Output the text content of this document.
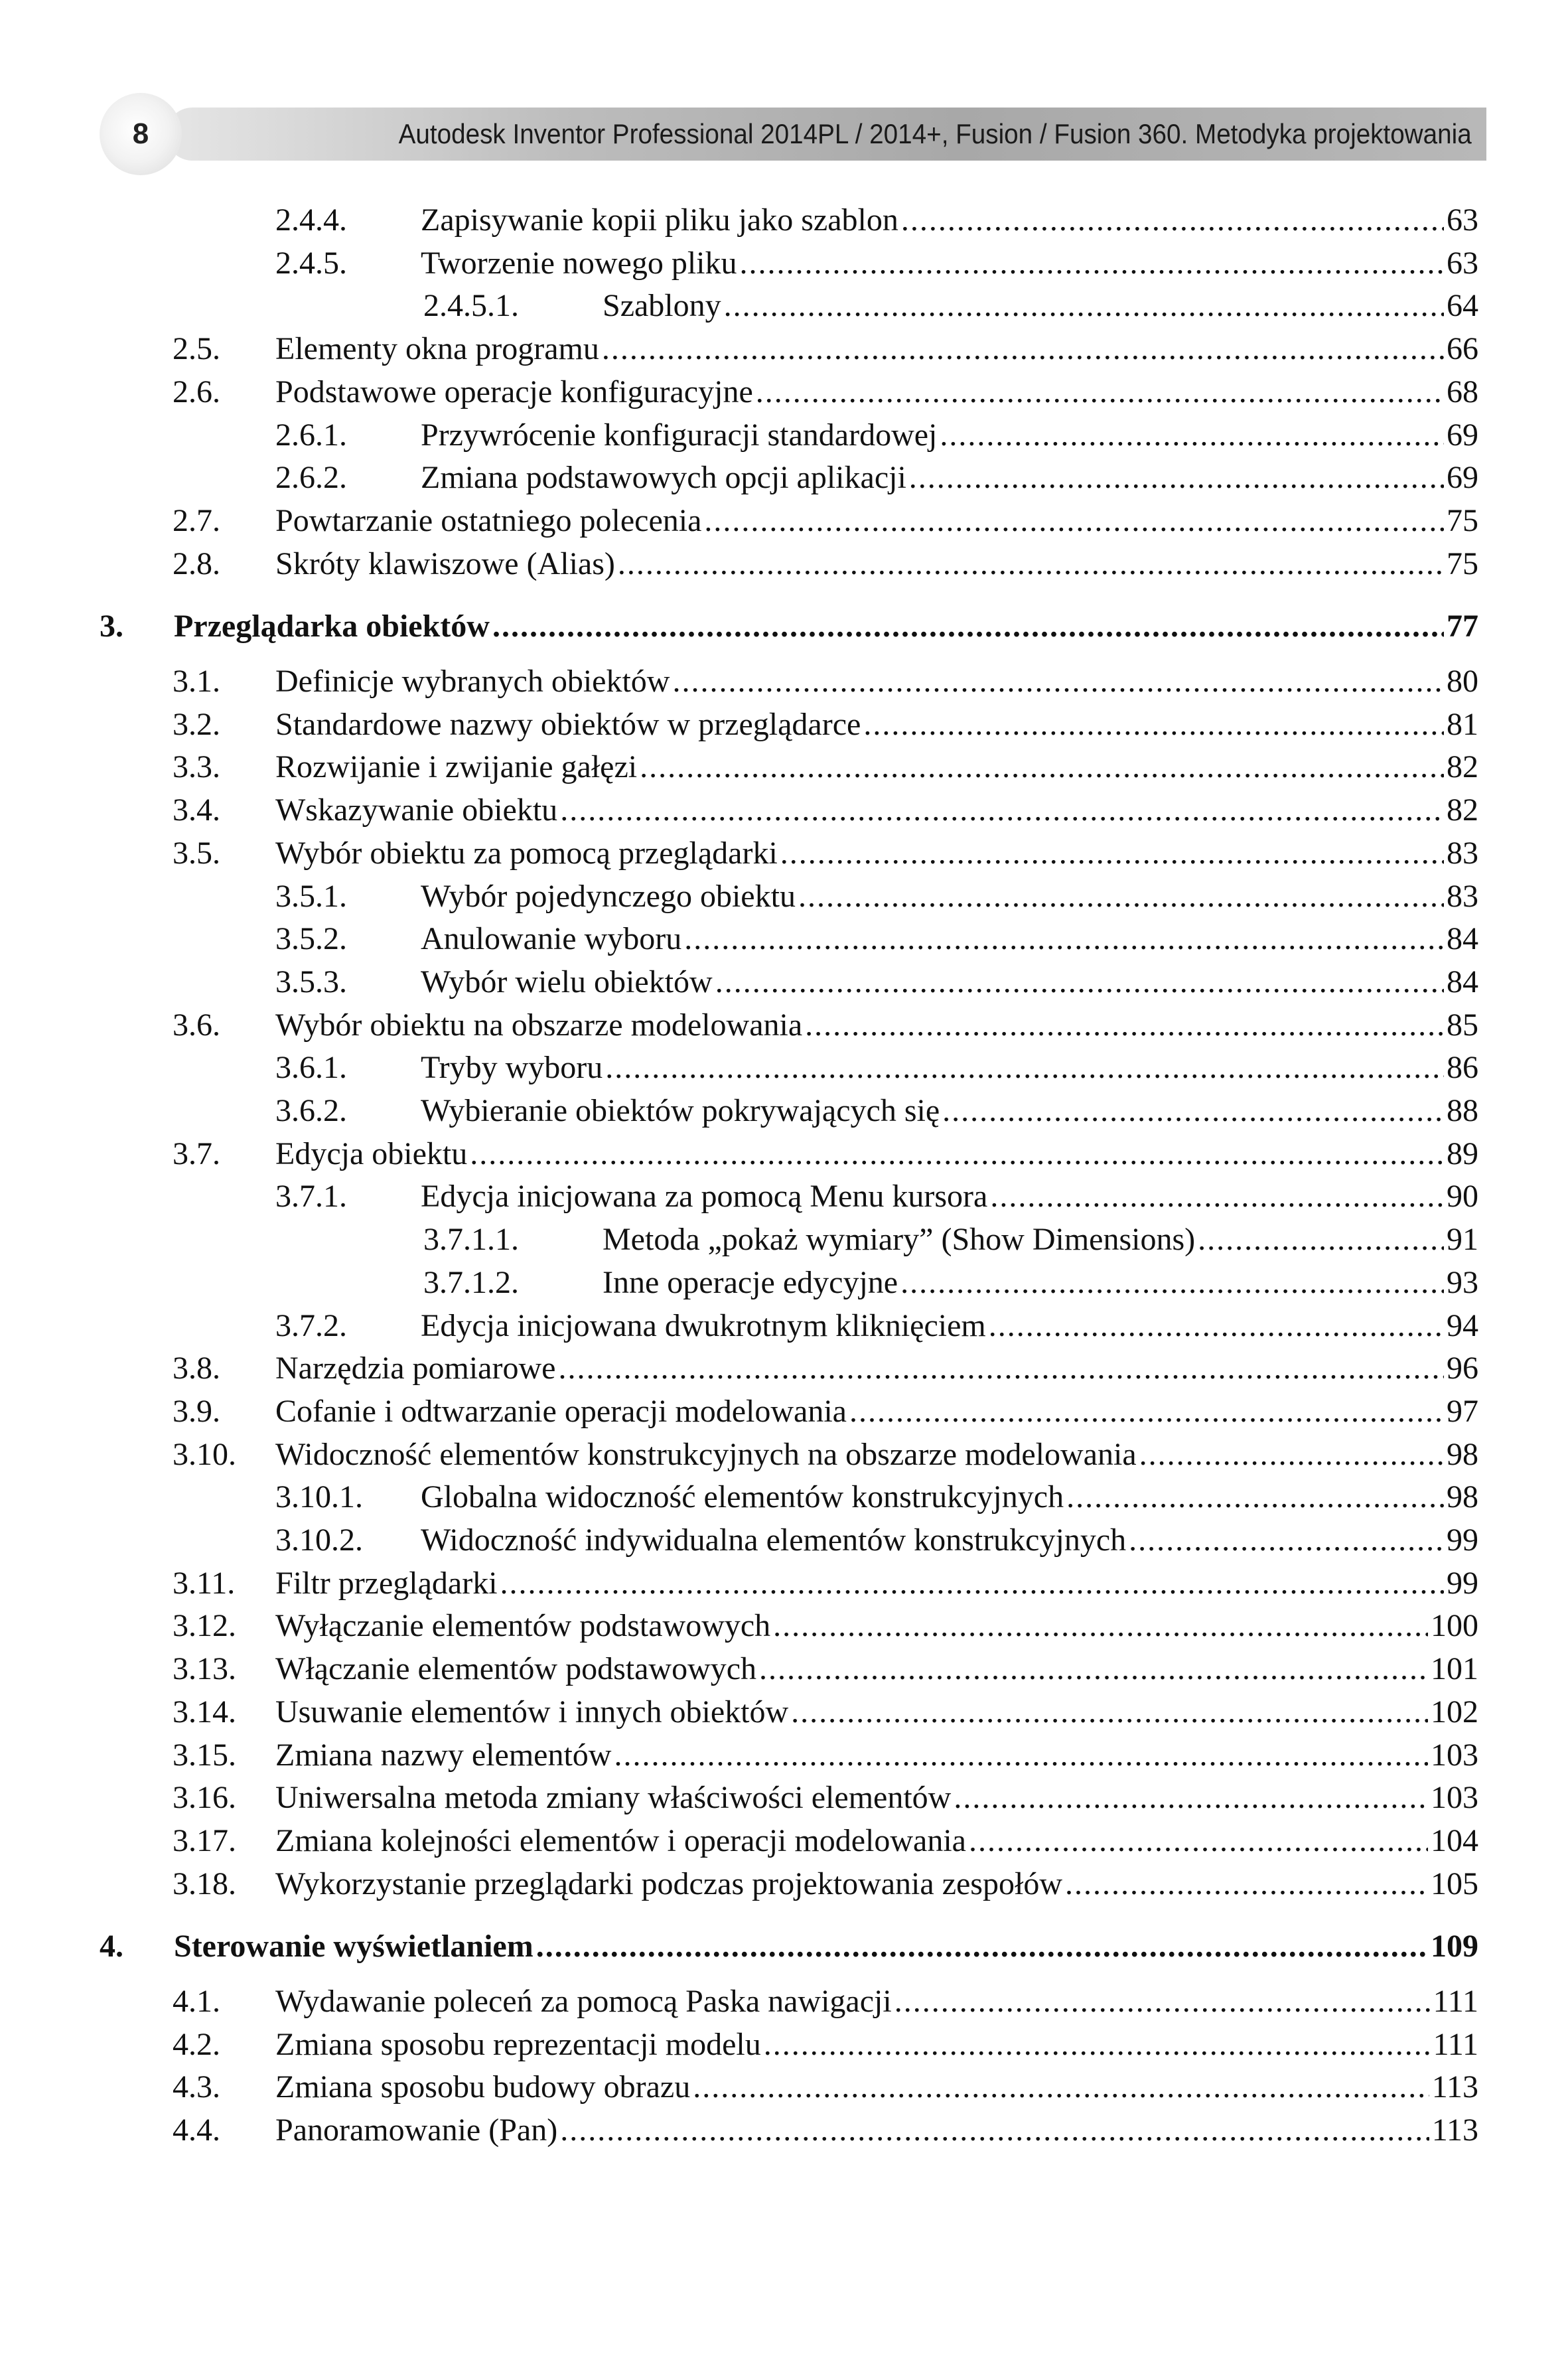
8	Autodesk Inventor Professional 2014PL / 2014+, Fusion / Fusion 360. Metodyka projektowania
2.4.4. Zapisywanie kopii pliku jako szablon .....	63
2.4.5. Tworzenie nowego pliku .....	63
2.4.5.1.	Szablony .....	64
2.5. Elementy okna programu .....	66
2.6. Podstawowe operacje konfiguracyjne .....	68
2.6.1. Przywrócenie konfiguracji standardowej .....	69
2.6.2. Zmiana podstawowych opcji aplikacji .....	69
2.7. Powtarzanie ostatniego polecenia .....	75
2.8. Skróty klawiszowe (Alias) .....	75
3. Przeglądarka obiektów .....	77
3.1. Definicje wybranych obiektów .....	80
3.2. Standardowe nazwy obiektów w przeglądarce .....	81
3.3. Rozwijanie i zwijanie gałęzi .....	82
3.4. Wskazywanie obiektu .....	82
3.5. Wybór obiektu za pomocą przeglądarki .....	83
3.5.1. Wybór pojedynczego obiektu .....	83
3.5.2. Anulowanie wyboru .....	84
3.5.3. Wybór wielu obiektów .....	84
3.6. Wybór obiektu na obszarze modelowania .....	85
3.6.1. Tryby wyboru .....	86
3.6.2. Wybieranie obiektów pokrywających się .....	88
3.7. Edycja obiektu .....	89
3.7.1. Edycja inicjowana za pomocą Menu kursora .....	90
3.7.1.1.	Metoda „pokaż wymiary” (Show Dimensions) .....	91
3.7.1.2.	Inne operacje edycyjne .....	93
3.7.2. Edycja inicjowana dwukrotnym kliknięciem .....	94
3.8. Narzędzia pomiarowe .....	96
3.9. Cofanie i odtwarzanie operacji modelowania .....	97
3.10. Widoczność elementów konstrukcyjnych na obszarze modelowania .....	98
3.10.1. Globalna widoczność elementów konstrukcyjnych .....	98
3.10.2. Widoczność indywidualna elementów konstrukcyjnych .....	99
3.11. Filtr przeglądarki .....	99
3.12. Wyłączanie elementów podstawowych .....	100
3.13. Włączanie elementów podstawowych .....	101
3.14. Usuwanie elementów i innych obiektów .....	102
3.15. Zmiana nazwy elementów .....	103
3.16. Uniwersalna metoda zmiany właściwości elementów .....	103
3.17. Zmiana kolejności elementów i operacji modelowania .....	104
3.18. Wykorzystanie przeglądarki podczas projektowania zespołów .....	105
4. Sterowanie wyświetlaniem .....	109
4.1. Wydawanie poleceń za pomocą Paska nawigacji .....	111
4.2. Zmiana sposobu reprezentacji modelu .....	111
4.3. Zmiana sposobu budowy obrazu .....	113
4.4. Panoramowanie (Pan) .....	113
